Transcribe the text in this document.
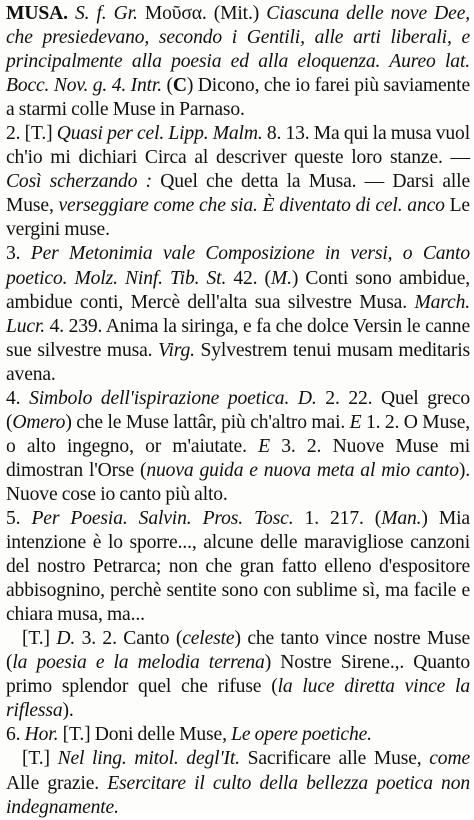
MUSA. S. f. Gr. Μοῦσα. (Mit.) Ciascuna delle nove Dee, che presiedevano, secondo i Gentili, alle arti liberali, e principalmente alla poesia ed alla eloquenza. Aureo lat. Bocc. Nov. g. 4. Intr. (C) Dicono, che io farei più saviamente a starmi colle Muse in Parnaso.

2. [T.] Quasi per cel. Lipp. Malm. 8. 13. Ma qui la musa vuol ch'io mi dichiari Circa al descriver queste loro stanze. — Così scherzando : Quel che detta la Musa. — Darsi alle Muse, verseggiare come che sia. È diventato di cel. anco Le vergini muse.

3. Per Metonimia vale Composizione in versi, o Canto poetico. Molz. Ninf. Tib. St. 42. (M.) Conti sono ambidue, ambidue conti, Mercè dell'alta sua silvestre Musa. March. Lucr. 4. 239. Anima la siringa, e fa che dolce Versin le canne sue silvestre musa. Virg. Sylvestrem tenui musam meditaris avena.

4. Simbolo dell'ispirazione poetica. D. 2. 22. Quel greco (Omero) che le Muse lattâr, più ch'altro mai. E 1. 2. O Muse, o alto ingegno, or m'aiutate. E 3. 2. Nuove Muse mi dimostran l'Orse (nuova guida e nuova meta al mio canto). Nuove cose io canto più alto.

5. Per Poesia. Salvin. Pros. Tosc. 1. 217. (Man.) Mia intenzione è lo sporre..., alcune delle maravigliose canzoni del nostro Petrarca; non che gran fatto elleno d'espositore abbisognino, perchè sentite sono con sublime sì, ma facile e chiara musa, ma...

[T.] D. 3. 2. Canto (celeste) che tanto vince nostre Muse (la poesia e la melodia terrena) Nostre Sirene.,. Quanto primo splendor quel che rifuse (la luce diretta vince la riflessa).

6. Hor. [T.] Doni delle Muse, Le opere poetiche.

[T.] Nel ling. mitol. degl'It. Sacrificare alle Muse, come Alle grazie. Esercitare il culto della bellezza poetica non indegnamente.
